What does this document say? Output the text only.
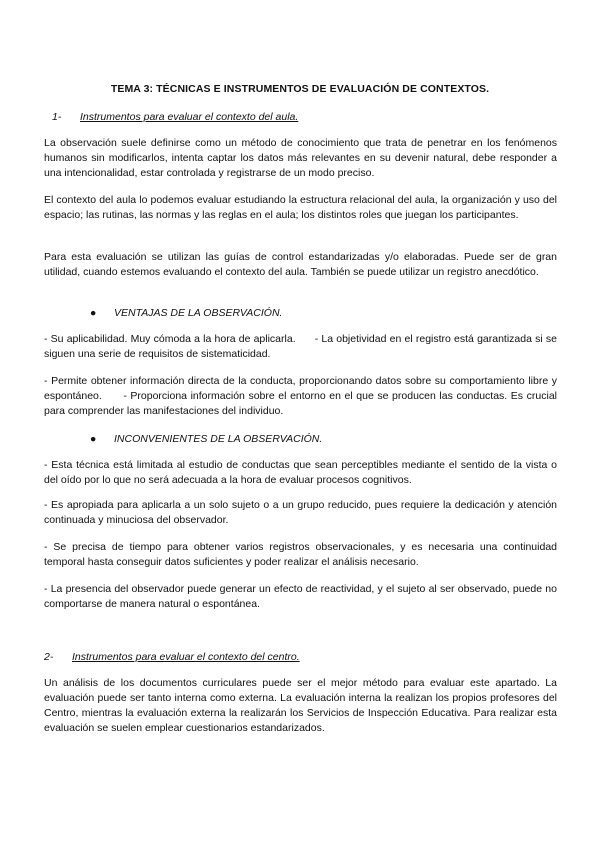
TEMA 3: TÉCNICAS E INSTRUMENTOS DE EVALUACIÓN DE CONTEXTOS.
1- Instrumentos para evaluar el contexto del aula.

La observación suele definirse como un método de conocimiento que trata de penetrar en los fenómenos humanos sin modificarlos, intenta captar los datos más relevantes en su devenir natural, debe responder a una intencionalidad, estar controlada y registrarse de un modo preciso.

El contexto del aula lo podemos evaluar estudiando la estructura relacional del aula, la organización y uso del espacio; las rutinas, las normas y las reglas en el aula; los distintos roles que juegan los participantes.

Para esta evaluación se utilizan las guías de control estandarizadas y/o elaboradas. Puede ser de gran utilidad, cuando estemos evaluando el contexto del aula. También se puede utilizar un registro anecdótico.

● VENTAJAS DE LA OBSERVACIÓN.

- Su aplicabilidad. Muy cómoda a la hora de aplicarla.      - La objetividad en el registro está garantizada si se siguen una serie de requisitos de sistematicidad.

- Permite obtener información directa de la conducta, proporcionando datos sobre su comportamiento libre y espontáneo.      - Proporciona información sobre el entorno en el que se producen las conductas. Es crucial para comprender las manifestaciones del individuo.

● INCONVENIENTES DE LA OBSERVACIÓN.

- Esta técnica está limitada al estudio de conductas que sean perceptibles mediante el sentido de la vista o del oído por lo que no será adecuada a la hora de evaluar procesos cognitivos.

- Es apropiada para aplicarla a un solo sujeto o a un grupo reducido, pues requiere la dedicación y atención continuada y minuciosa del observador.

- Se precisa de tiempo para obtener varios registros observacionales, y es necesaria una continuidad temporal hasta conseguir datos suficientes y poder realizar el análisis necesario.

- La presencia del observador puede generar un efecto de reactividad, y el sujeto al ser observado, puede no comportarse de manera natural o espontánea.

2- Instrumentos para evaluar el contexto del centro.

Un análisis de los documentos curriculares puede ser el mejor método para evaluar este apartado. La evaluación puede ser tanto interna como externa. La evaluación interna la realizan los propios profesores del Centro, mientras la evaluación externa la realizarán los Servicios de Inspección Educativa. Para realizar esta evaluación se suelen emplear cuestionarios estandarizados.
